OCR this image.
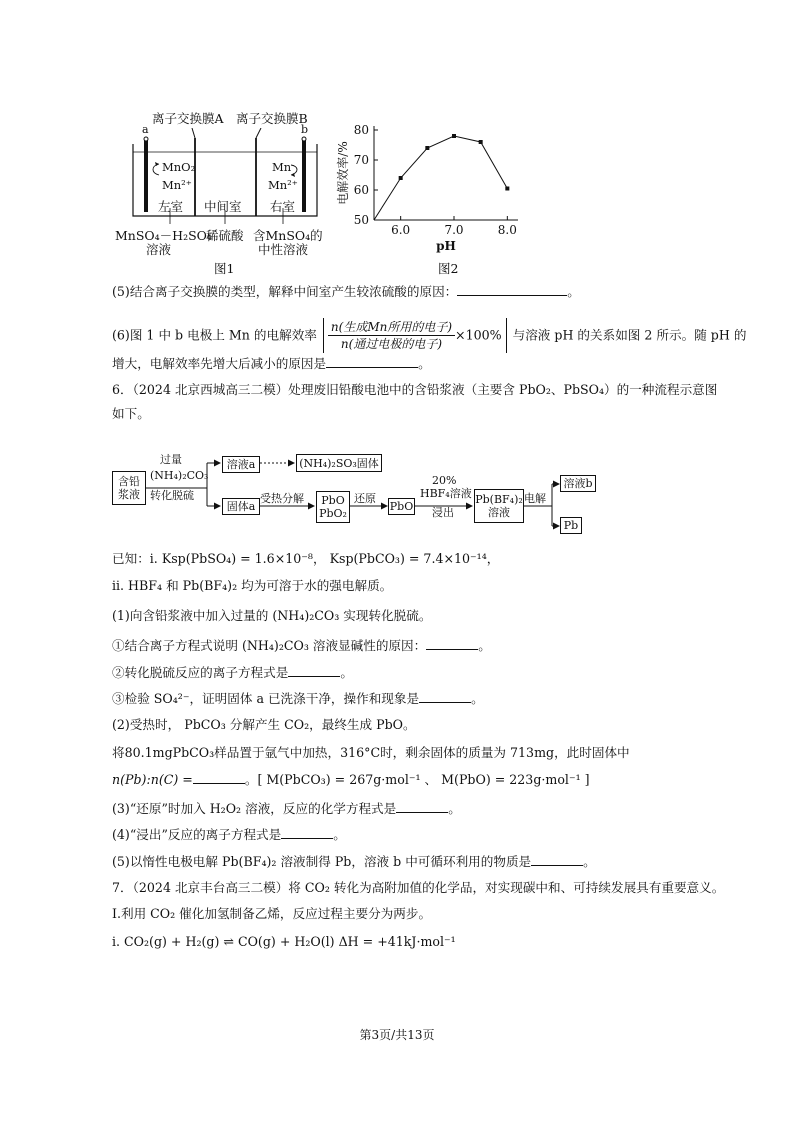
离子交换膜A 离子交换膜B
a	b
MnO₂
Mn²⁺
Mn
Mn²⁺
左室 中间室 右室
MnSO₄－H₂SO₄
溶液
稀硫酸 含MnSO₄的
中性溶液
图1
50
60
70
80
6.0	7.0	8.0
pH
电解效率/%
图2
(5)结合离子交换膜的类型，解释中间室产生较浓硫酸的原因：	。
(6)图 1 中 b 电极上 Mn 的电解效率
n(生成Mn所用的电子)
n(通过电极的电子)
×100% 与溶液 pH 的关系如图 2 所示。随 pH 的
增大，电解效率先增大后减小的原因是	。
6．（2024 北京西城高三二模）处理废旧铅酸电池中的含铅浆液（主要含 PbO₂、PbSO₄）的一种流程示意图
如下。
含铅浆液
过量
(NH₄)₂CO₃
转化脱硫
溶液a	(NH₄)₂SO₃固体
固体a
受热分解	PbO
PbO₂
还原
PbO
20%
HBF₄溶液
浸出
Pb(BF₄)₂
溶液
电解
溶液b
Pb
已知：i. Ksp(PbSO₄) = 1.6×10⁻⁸， Ksp(PbCO₃) = 7.4×10⁻¹⁴，
ii. HBF₄ 和 Pb(BF₄)₂ 均为可溶于水的强电解质。
(1)向含铅浆液中加入过量的 (NH₄)₂CO₃ 实现转化脱硫。
①结合离子方程式说明 (NH₄)₂CO₃ 溶液显碱性的原因：	。
②转化脱硫反应的离子方程式是	。
③检验 SO₄²⁻，证明固体 a 已洗涤干净，操作和现象是	。
(2)受热时， PbCO₃ 分解产生 CO₂，最终生成 PbO。
将80.1mgPbCO₃样品置于氩气中加热，316°C时，剩余固体的质量为 713mg，此时固体中
n(Pb):n(C) =	。[ M(PbCO₃) = 267g·mol⁻¹ 、 M(PbO) = 223g·mol⁻¹ ]
(3)“还原”时加入 H₂O₂ 溶液，反应的化学方程式是	。
(4)“浸出”反应的离子方程式是	。
(5)以惰性电极电解 Pb(BF₄)₂ 溶液制得 Pb，溶液 b 中可循环利用的物质是	。
7．（2024 北京丰台高三二模）将 CO₂ 转化为高附加值的化学品，对实现碳中和、可持续发展具有重要意义。
I.利用 CO₂ 催化加氢制备乙烯，反应过程主要分为两步。
i. CO₂(g) + H₂(g) ⇌ CO(g) + H₂O(l) ΔH = +41kJ·mol⁻¹
第3页/共13页
